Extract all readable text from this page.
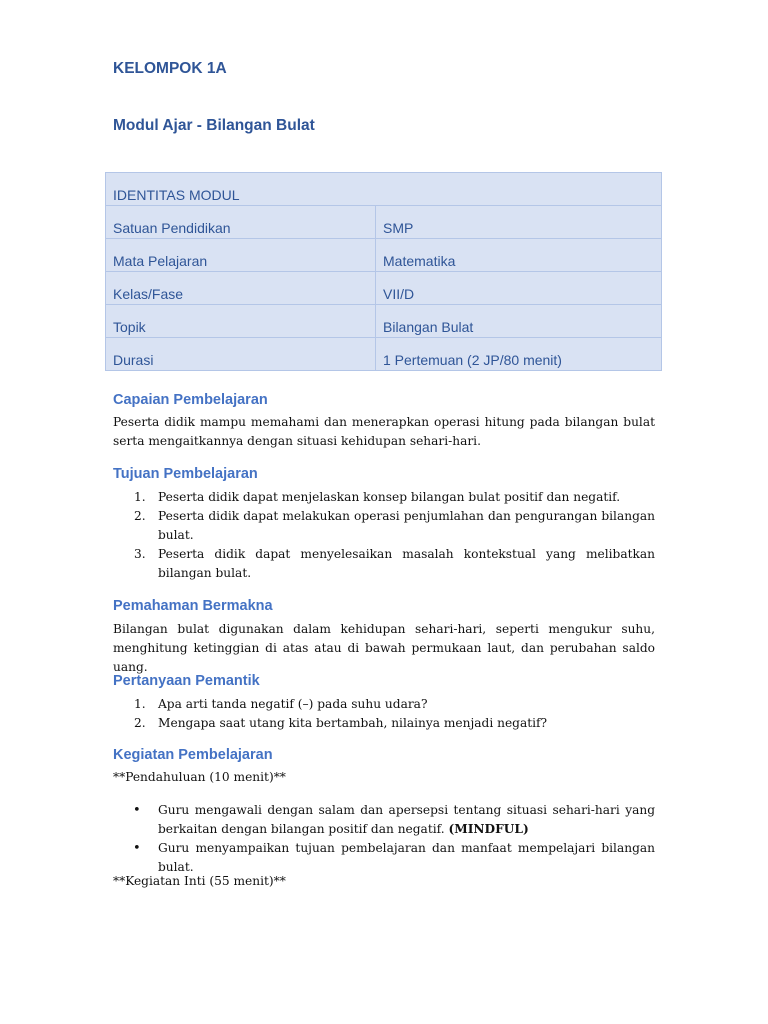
KELOMPOK 1A
Modul Ajar - Bilangan Bulat
IDENTITAS MODUL	
Satuan Pendidikan	SMP
Mata Pelajaran	Matematika
Kelas/Fase	VII/D
Topik	Bilangan Bulat
Durasi	1 Pertemuan (2 JP/80 menit)
Capaian Pembelajaran

Peserta didik mampu memahami dan menerapkan operasi hitung pada bilangan bulat serta mengaitkannya dengan situasi kehidupan sehari-hari.

Tujuan Pembelajaran
1. Peserta didik dapat menjelaskan konsep bilangan bulat positif dan negatif.
2. Peserta didik dapat melakukan operasi penjumlahan dan pengurangan bilangan bulat.
3. Peserta didik dapat menyelesaikan masalah kontekstual yang melibatkan bilangan bulat.
Pemahaman Bermakna

Bilangan bulat digunakan dalam kehidupan sehari-hari, seperti mengukur suhu, menghitung ketinggian di atas atau di bawah permukaan laut, dan perubahan saldo uang.

Pertanyaan Pemantik
1. Apa arti tanda negatif (–) pada suhu udara?
2. Mengapa saat utang kita bertambah, nilainya menjadi negatif?
Kegiatan Pembelajaran

**Pendahuluan (10 menit)**

• Guru mengawali dengan salam dan apersepsi tentang situasi sehari-hari yang berkaitan dengan bilangan positif dan negatif. (MINDFUL)
• Guru menyampaikan tujuan pembelajaran dan manfaat mempelajari bilangan bulat.

**Kegiatan Inti (55 menit)**
